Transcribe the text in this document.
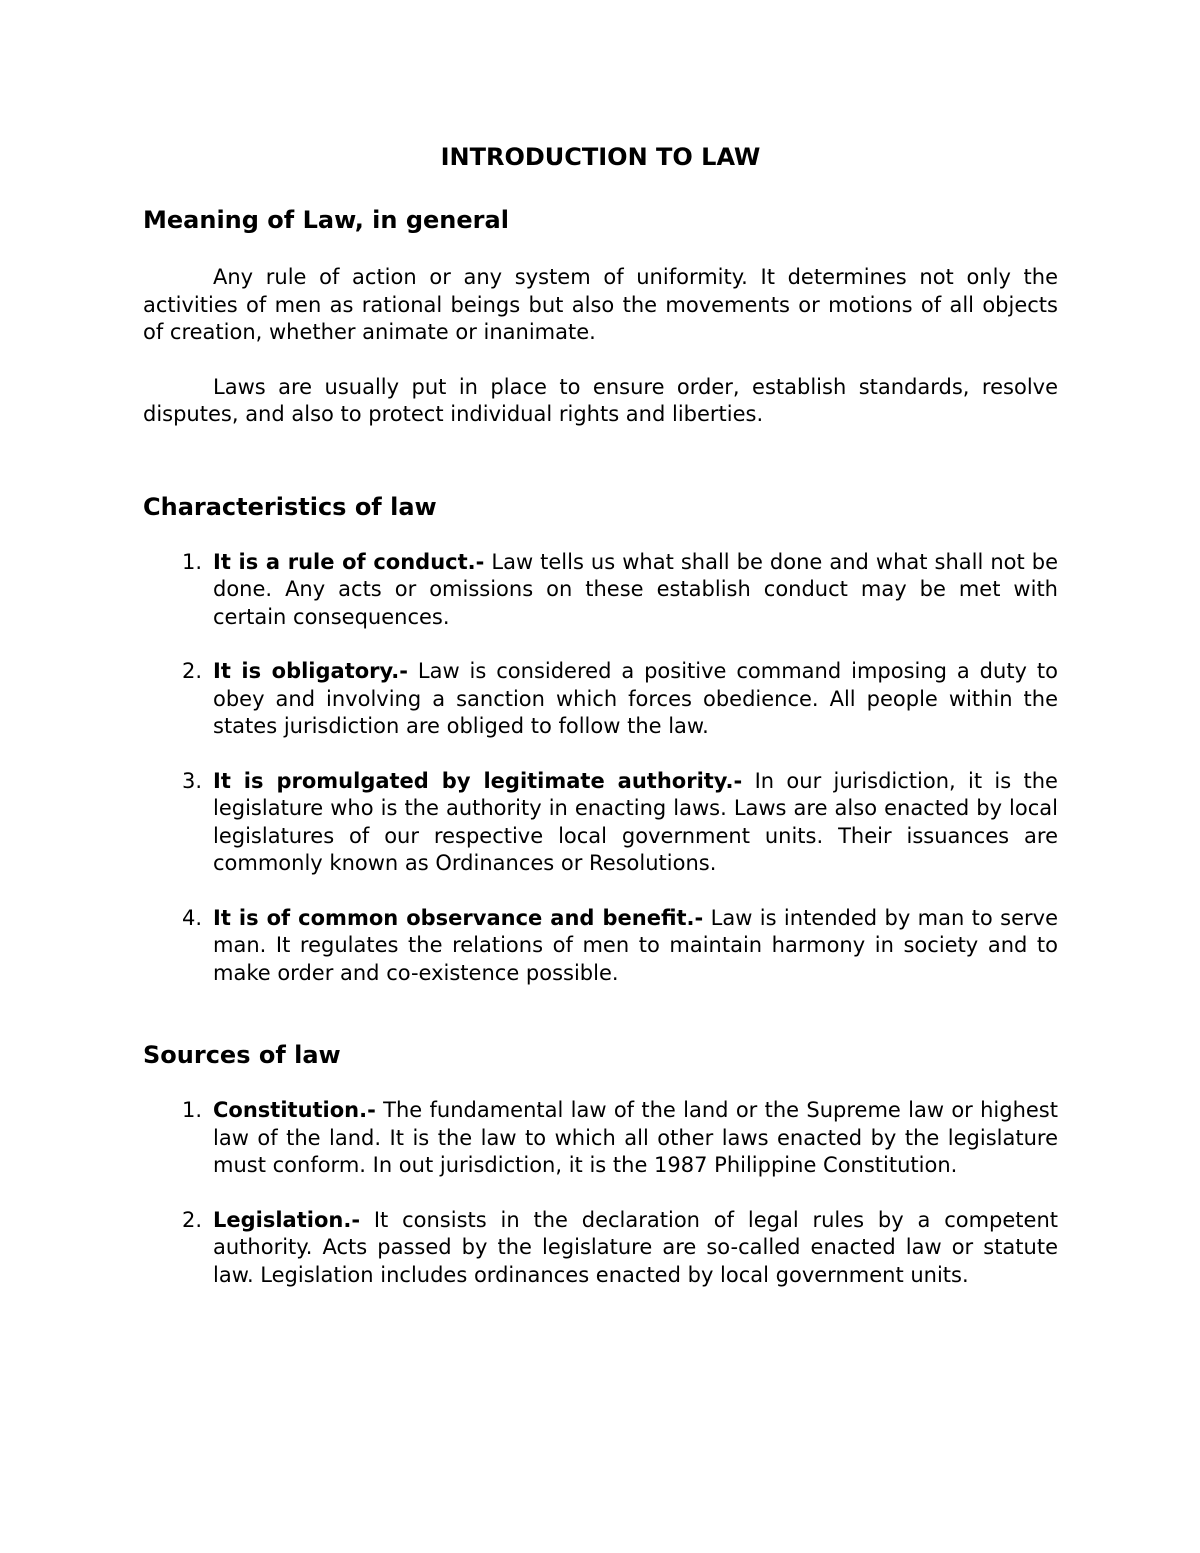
INTRODUCTION TO LAW
Meaning of Law, in general

Any rule of action or any system of uniformity. It determines not only the activities of men as rational beings but also the movements or motions of all objects of creation, whether animate or inanimate.

Laws are usually put in place to ensure order, establish standards, resolve disputes, and also to protect individual rights and liberties.

Characteristics of law
1. It is a rule of conduct.- Law tells us what shall be done and what shall not be done. Any acts or omissions on these establish conduct may be met with certain consequences.
2. It is obligatory.- Law is considered a positive command imposing a duty to obey and involving a sanction which forces obedience. All people within the states jurisdiction are obliged to follow the law.
3. It is promulgated by legitimate authority.- In our jurisdiction, it is the legislature who is the authority in enacting laws. Laws are also enacted by local legislatures of our respective local government units. Their issuances are commonly known as Ordinances or Resolutions.
4. It is of common observance and benefit.- Law is intended by man to serve man. It regulates the relations of men to maintain harmony in society and to make order and co-existence possible.
Sources of law
1. Constitution.- The fundamental law of the land or the Supreme law or highest law of the land. It is the law to which all other laws enacted by the legislature must conform. In out jurisdiction, it is the 1987 Philippine Constitution.
2. Legislation.- It consists in the declaration of legal rules by a competent authority. Acts passed by the legislature are so-called enacted law or statute law. Legislation includes ordinances enacted by local government units.
